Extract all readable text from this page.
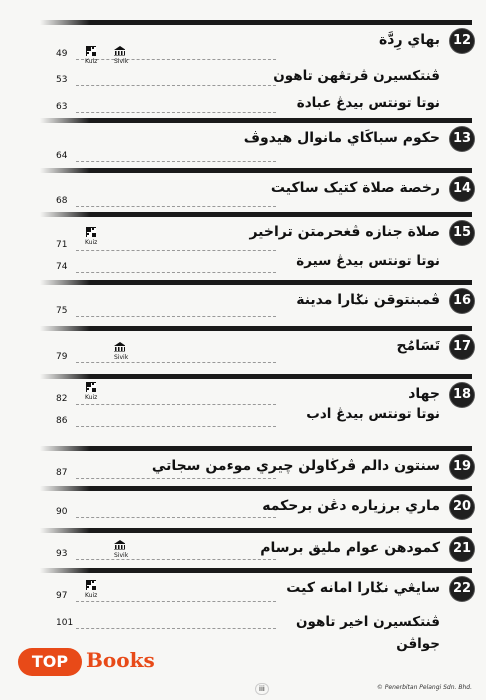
12
بهاي رِدَّة
13
حکوم سباكَاي مانوال هيدوڤ
14
رخصة صلاة كتيک ساكيت
15
صلاة جنازه ڤغحرمتن تراخير
16
ڤمبنتوقن نݢارا مدينة
17
تَسَامُح
18
جهاد
19
سنتون دالم ڤرڬاولن چيري موءمن سجاتي
20
ماري برزياره دڠن برحكمه
21
كمودهن عوام مليق برسام
22
سايڠي نݢارا امانه كيت
ڤنتكسيرن ڤرتڠهن تاهون
نوتا تونتس بيدڠ عبادة
نوتا تونتس بيدڠ سيرة
نوتا تونتس بيدڠ ادب
ڤنتكسيرن اخير تاهون
جواڤن
49
53
63
64
68
71
74
75
79
82
86
87
90
93
97
101
Kuiz
Kuiz
Kuiz
Kuiz
Sivik
Sivik
Sivik
TOP Books
iii	© Penerbitan Pelangi Sdn. Bhd.
